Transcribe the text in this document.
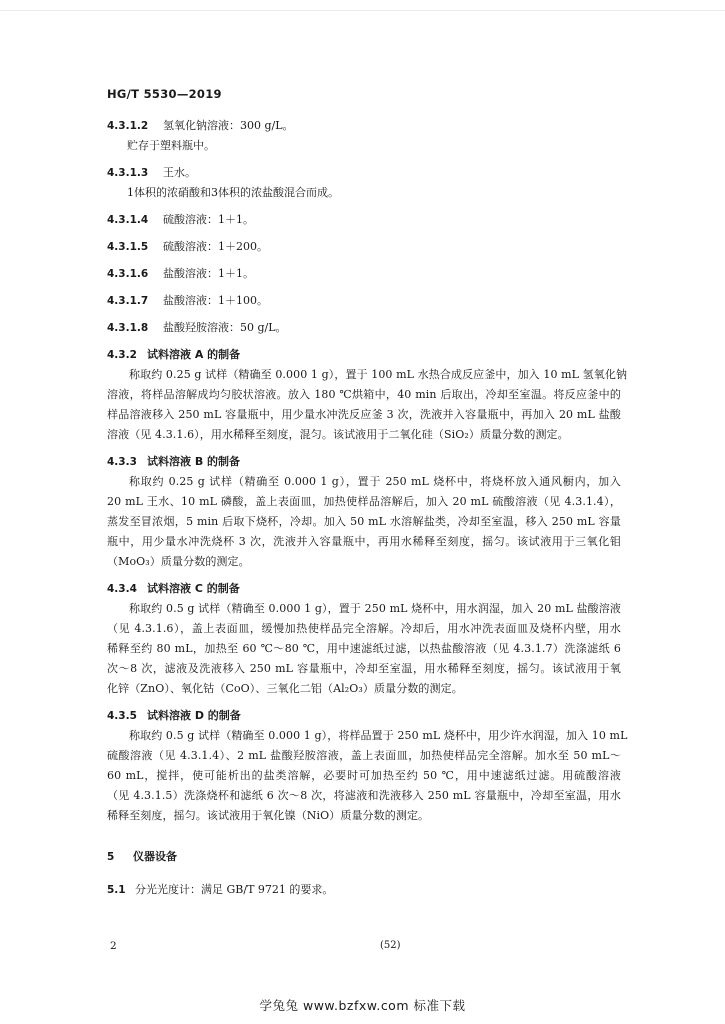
HG/T 5530—2019
4.3.1.2 氢氧化钠溶液：300 g/L。
贮存于塑料瓶中。
4.3.1.3 王水。
1体积的浓硝酸和3体积的浓盐酸混合而成。
4.3.1.4 硫酸溶液：1＋1。
4.3.1.5 硫酸溶液：1＋200。
4.3.1.6 盐酸溶液：1＋1。
4.3.1.7 盐酸溶液：1＋100。
4.3.1.8 盐酸羟胺溶液：50 g/L。
4.3.2 试料溶液 A 的制备
称取约 0.25 g 试样（精确至 0.000 1 g），置于 100 mL 水热合成反应釜中，加入 10 mL 氢氧化钠
溶液，将样品溶解成均匀胶状溶液。放入 180 ℃烘箱中，40 min 后取出，冷却至室温。将反应釜中的
样品溶液移入 250 mL 容量瓶中，用少量水冲洗反应釜 3 次，洗液并入容量瓶中，再加入 20 mL 盐酸
溶液（见 4.3.1.6），用水稀释至刻度，混匀。该试液用于二氧化硅（SiO₂）质量分数的测定。
4.3.3 试料溶液 B 的制备
称取约 0.25 g 试样（精确至 0.000 1 g），置于 250 mL 烧杯中，将烧杯放入通风橱内，加入
20 mL 王水、10 mL 磷酸，盖上表面皿，加热使样品溶解后，加入 20 mL 硫酸溶液（见 4.3.1.4），
蒸发至冒浓烟，5 min 后取下烧杯，冷却。加入 50 mL 水溶解盐类，冷却至室温，移入 250 mL 容量
瓶中，用少量水冲洗烧杯 3 次，洗液并入容量瓶中，再用水稀释至刻度，摇匀。该试液用于三氧化钼
（MoO₃）质量分数的测定。
4.3.4 试料溶液 C 的制备
称取约 0.5 g 试样（精确至 0.000 1 g），置于 250 mL 烧杯中，用水润湿，加入 20 mL 盐酸溶液
（见 4.3.1.6），盖上表面皿，缓慢加热使样品完全溶解。冷却后，用水冲洗表面皿及烧杯内壁，用水
稀释至约 80 mL，加热至 60 ℃～80 ℃，用中速滤纸过滤，以热盐酸溶液（见 4.3.1.7）洗涤滤纸 6
次～8 次，滤液及洗液移入 250 mL 容量瓶中，冷却至室温，用水稀释至刻度，摇匀。该试液用于氧
化锌（ZnO）、氧化钴（CoO）、三氧化二铝（Al₂O₃）质量分数的测定。
4.3.5 试料溶液 D 的制备
称取约 0.5 g 试样（精确至 0.000 1 g），将样品置于 250 mL 烧杯中，用少许水润湿，加入 10 mL
硫酸溶液（见 4.3.1.4）、2 mL 盐酸羟胺溶液，盖上表面皿，加热使样品完全溶解。加水至 50 mL～
60 mL，搅拌，使可能析出的盐类溶解，必要时可加热至约 50 ℃，用中速滤纸过滤。用硫酸溶液
（见 4.3.1.5）洗涤烧杯和滤纸 6 次～8 次，将滤液和洗液移入 250 mL 容量瓶中，冷却至室温，用水
稀释至刻度，摇匀。该试液用于氧化镍（NiO）质量分数的测定。
5 仪器设备
5.1 分光光度计：满足 GB/T 9721 的要求。
2	(52)
学兔兔 www.bzfxw.com 标准下载
